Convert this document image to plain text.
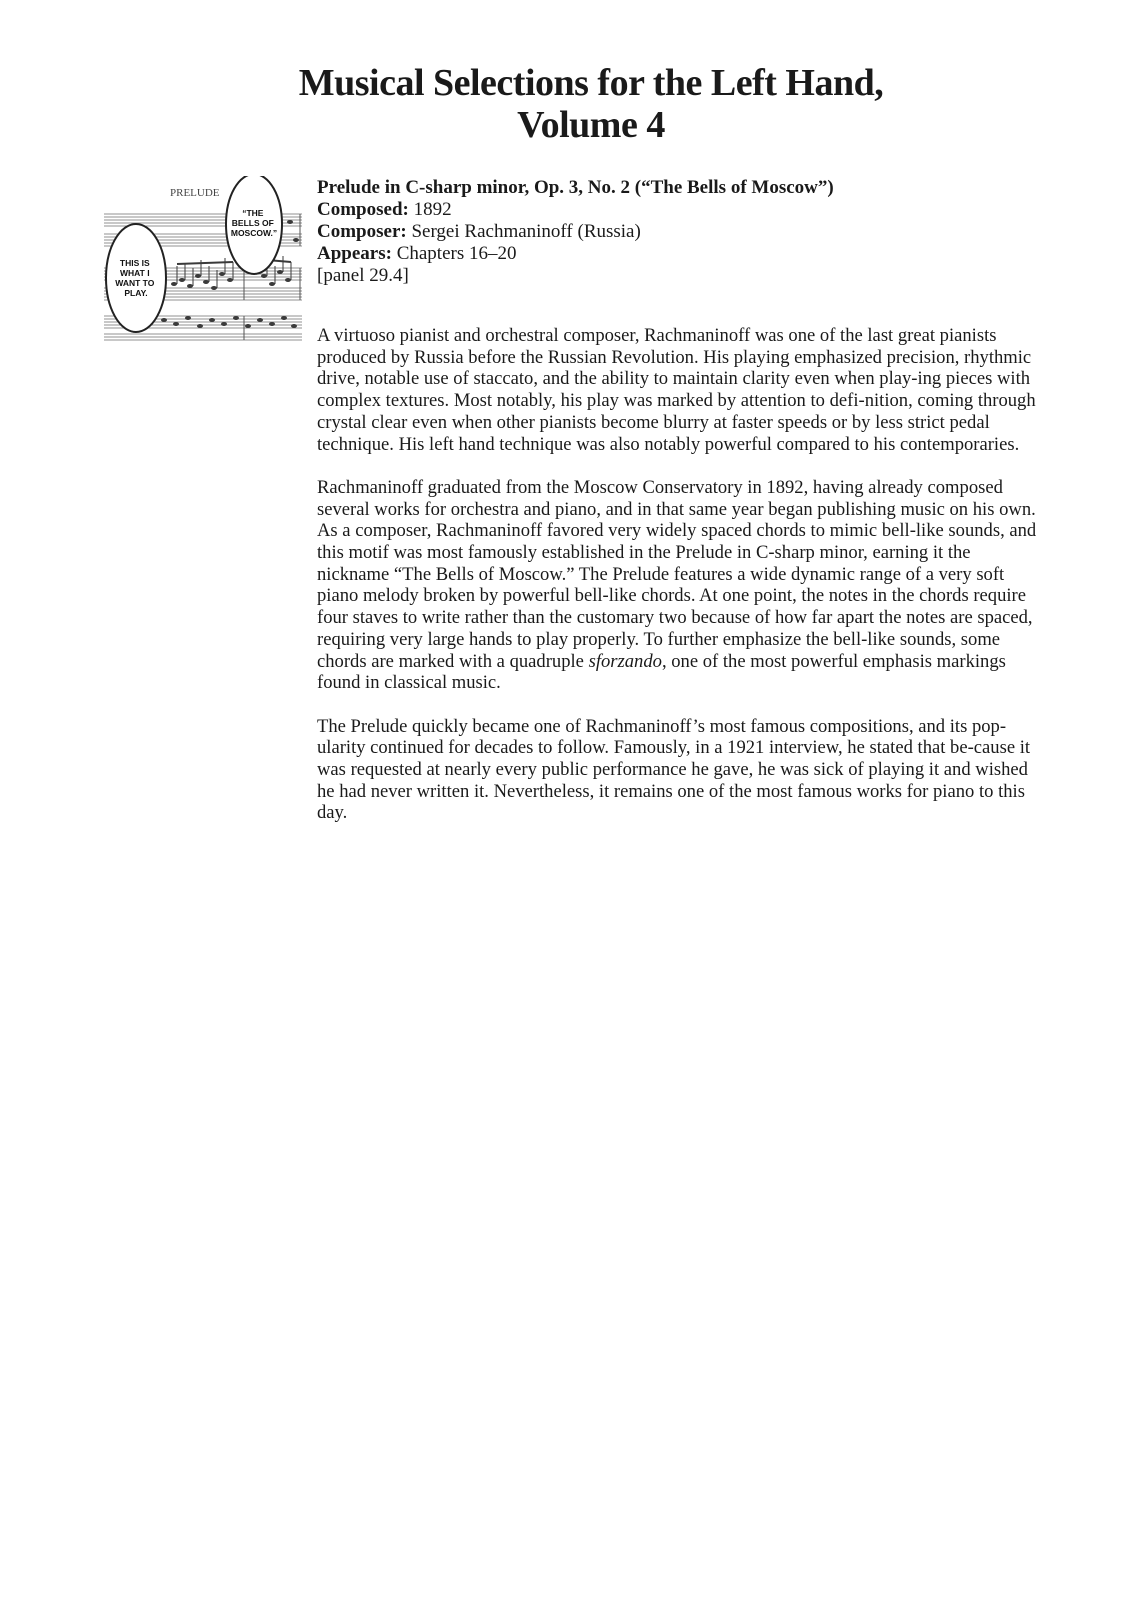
Musical Selections for the Left Hand,
Volume 4
THIS IS WHAT I WANT TO PLAY.
“THE BELLS OF MOSCOW.”
PRELUDE	Prelude in C-sharp minor, Op. 3, No. 2 (“The Bells of Moscow”)
Composed: 1892
Composer: Sergei Rachmaninoff (Russia)
Appears: Chapters 16–20
[panel 29.4]

A virtuoso pianist and orchestral composer, Rachmaninoff was one of the last great pianists produced by Russia before the Russian Revolution. His playing emphasized precision, rhythmic drive, notable use of staccato, and the ability to maintain clarity even when play-ing pieces with complex textures. Most notably, his play was marked by attention to defi-nition, coming through crystal clear even when other pianists become blurry at faster speeds or by less strict pedal technique. His left hand technique was also notably powerful compared to his contemporaries.

Rachmaninoff graduated from the Moscow Conservatory in 1892, having already composed several works for orchestra and piano, and in that same year began publishing music on his own. As a composer, Rachmaninoff favored very widely spaced chords to mimic bell-like sounds, and this motif was most famously established in the Prelude in C-sharp minor, earning it the nickname “The Bells of Moscow.” The Prelude features a wide dynamic range of a very soft piano melody broken by powerful bell-like chords. At one point, the notes in the chords require four staves to write rather than the customary two because of how far apart the notes are spaced, requiring very large hands to play properly. To further emphasize the bell-like sounds, some chords are marked with a quadruple sforzando, one of the most powerful emphasis markings found in classical music.

The Prelude quickly became one of Rachmaninoff’s most famous compositions, and its pop-ularity continued for decades to follow. Famously, in a 1921 interview, he stated that be-cause it was requested at nearly every public performance he gave, he was sick of playing it and wished he had never written it. Nevertheless, it remains one of the most famous works for piano to this day.
